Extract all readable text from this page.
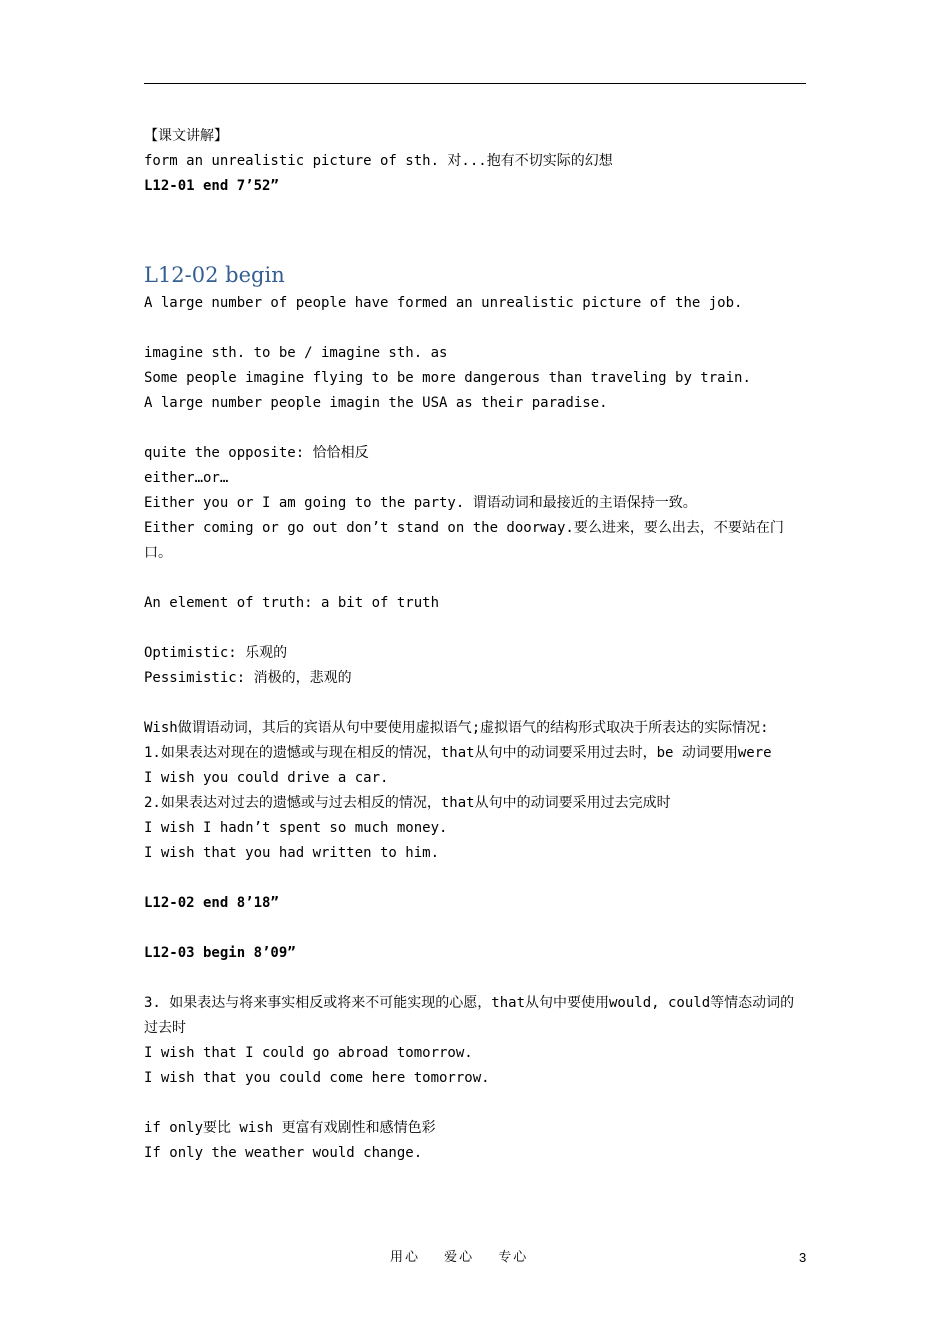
【课文讲解】
form an unrealistic picture of sth. 对...抱有不切实际的幻想
L12-01 end 7’52”
L12-02 begin
A large number of people have formed an unrealistic picture of the job.
imagine sth. to be / imagine sth. as
Some people imagine flying to be more dangerous than traveling by train.
A large number people imagin the USA as their paradise.
quite the opposite: 恰恰相反
either…or…
Either you or I am going to the party. 谓语动词和最接近的主语保持一致。
Either coming or go out don’t stand on the doorway.要么进来，要么出去，不要站在门口。
An element of truth: a bit of truth
Optimistic: 乐观的
Pessimistic: 消极的，悲观的
Wish做谓语动词，其后的宾语从句中要使用虚拟语气;虚拟语气的结构形式取决于所表达的实际情况:
1.如果表达对现在的遗憾或与现在相反的情况，that从句中的动词要采用过去时，be 动词要用were
I wish you could drive a car.
2.如果表达对过去的遗憾或与过去相反的情况，that从句中的动词要采用过去完成时
I wish I hadn’t spent so much money.
I wish that you had written to him.
L12-02 end 8’18”
L12-03 begin 8’09”
3. 如果表达与将来事实相反或将来不可能实现的心愿，that从句中要使用would, could等情态动词的过去时
I wish that I could go abroad tomorrow.
I wish that you could come here tomorrow.
if only要比 wish 更富有戏剧性和感情色彩
If only the weather would change.
用心 爱心 专心	3
